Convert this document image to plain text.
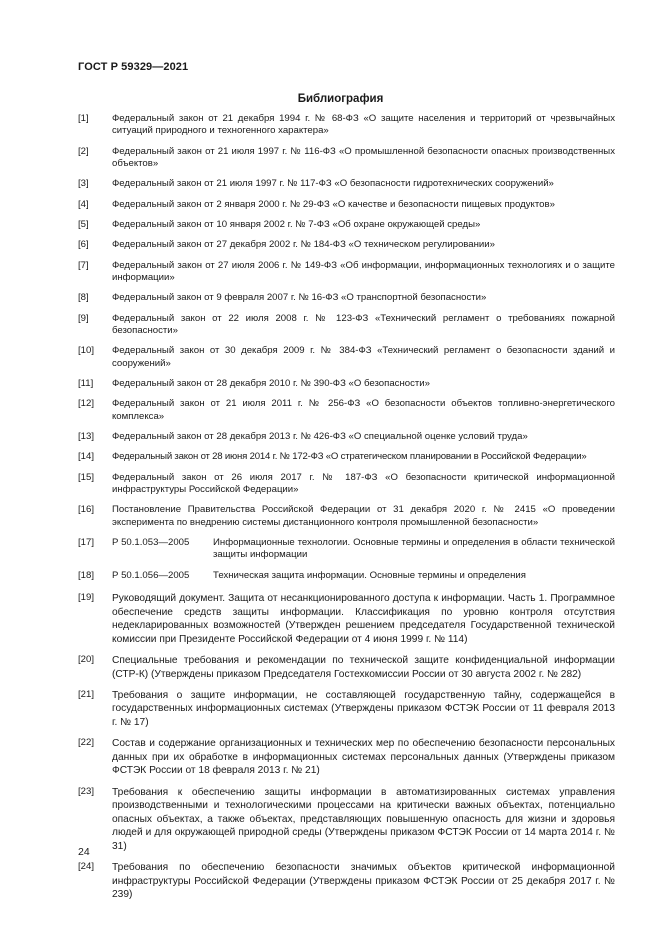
ГОСТ Р 59329—2021
Библиография
[1]	Федеральный закон от 21 декабря 1994 г. № 68-ФЗ «О защите населения и территорий от чрезвычайных ситуаций природного и техногенного характера»
[2]	Федеральный закон от 21 июля 1997 г. № 116-ФЗ «О промышленной безопасности опасных производственных объектов»
[3]	Федеральный закон от 21 июля 1997 г. № 117-ФЗ «О безопасности гидротехнических сооружений»
[4]	Федеральный закон от 2 января 2000 г. № 29-ФЗ «О качестве и безопасности пищевых продуктов»
[5]	Федеральный закон от 10 января 2002 г. № 7-ФЗ «Об охране окружающей среды»
[6]	Федеральный закон от 27 декабря 2002 г. № 184-ФЗ «О техническом регулировании»
[7]	Федеральный закон от 27 июля 2006 г. № 149-ФЗ «Об информации, информационных технологиях и о защите информации»
[8]	Федеральный закон от 9 февраля 2007 г. № 16-ФЗ «О транспортной безопасности»
[9]	Федеральный закон от 22 июля 2008 г. № 123-ФЗ «Технический регламент о требованиях пожарной безопасности»
[10]	Федеральный закон от 30 декабря 2009 г. № 384-ФЗ «Технический регламент о безопасности зданий и сооружений»
[11]	Федеральный закон от 28 декабря 2010 г. № 390-ФЗ «О безопасности»
[12]	Федеральный закон от 21 июля 2011 г. № 256-ФЗ «О безопасности объектов топливно-энергетического комплекса»
[13]	Федеральный закон от 28 декабря 2013 г. № 426-ФЗ «О специальной оценке условий труда»
[14]	Федеральный закон от 28 июня 2014 г. № 172-ФЗ «О стратегическом планировании в Российской Федерации»
[15]	Федеральный закон от 26 июля 2017 г. № 187-ФЗ «О безопасности критической информационной инфраструктуры Российской Федерации»
[16]	Постановление Правительства Российской Федерации от 31 декабря 2020 г. № 2415 «О проведении эксперимента по внедрению системы дистанционного контроля промышленной безопасности»
[17]	Р 50.1.053—2005	Информационные технологии. Основные термины и определения в области технической защиты информации
[18]	Р 50.1.056—2005	Техническая защита информации. Основные термины и определения
[19]	Руководящий документ. Защита от несанкционированного доступа к информации. Часть 1. Программное обеспечение средств защиты информации. Классификация по уровню контроля отсутствия недекларированных возможностей (Утвержден решением председателя Государственной технической комиссии при Президенте Российской Федерации от 4 июня 1999 г. № 114)
[20]	Специальные требования и рекомендации по технической защите конфиденциальной информации (СТР-К) (Утверждены приказом Председателя Гостехкомиссии России от 30 августа 2002 г. № 282)
[21]	Требования о защите информации, не составляющей государственную тайну, содержащейся в государственных информационных системах (Утверждены приказом ФСТЭК России от 11 февраля 2013 г. № 17)
[22]	Состав и содержание организационных и технических мер по обеспечению безопасности персональных данных при их обработке в информационных системах персональных данных (Утверждены приказом ФСТЭК России от 18 февраля 2013 г. № 21)
[23]	Требования к обеспечению защиты информации в автоматизированных системах управления производственными и технологическими процессами на критически важных объектах, потенциально опасных объектах, а также объектах, представляющих повышенную опасность для жизни и здоровья людей и для окружающей природной среды (Утверждены приказом ФСТЭК России от 14 марта 2014 г. № 31)
[24]	Требования по обеспечению безопасности значимых объектов критической информационной инфраструктуры Российской Федерации (Утверждены приказом ФСТЭК России от 25 декабря 2017 г. № 239)
24
